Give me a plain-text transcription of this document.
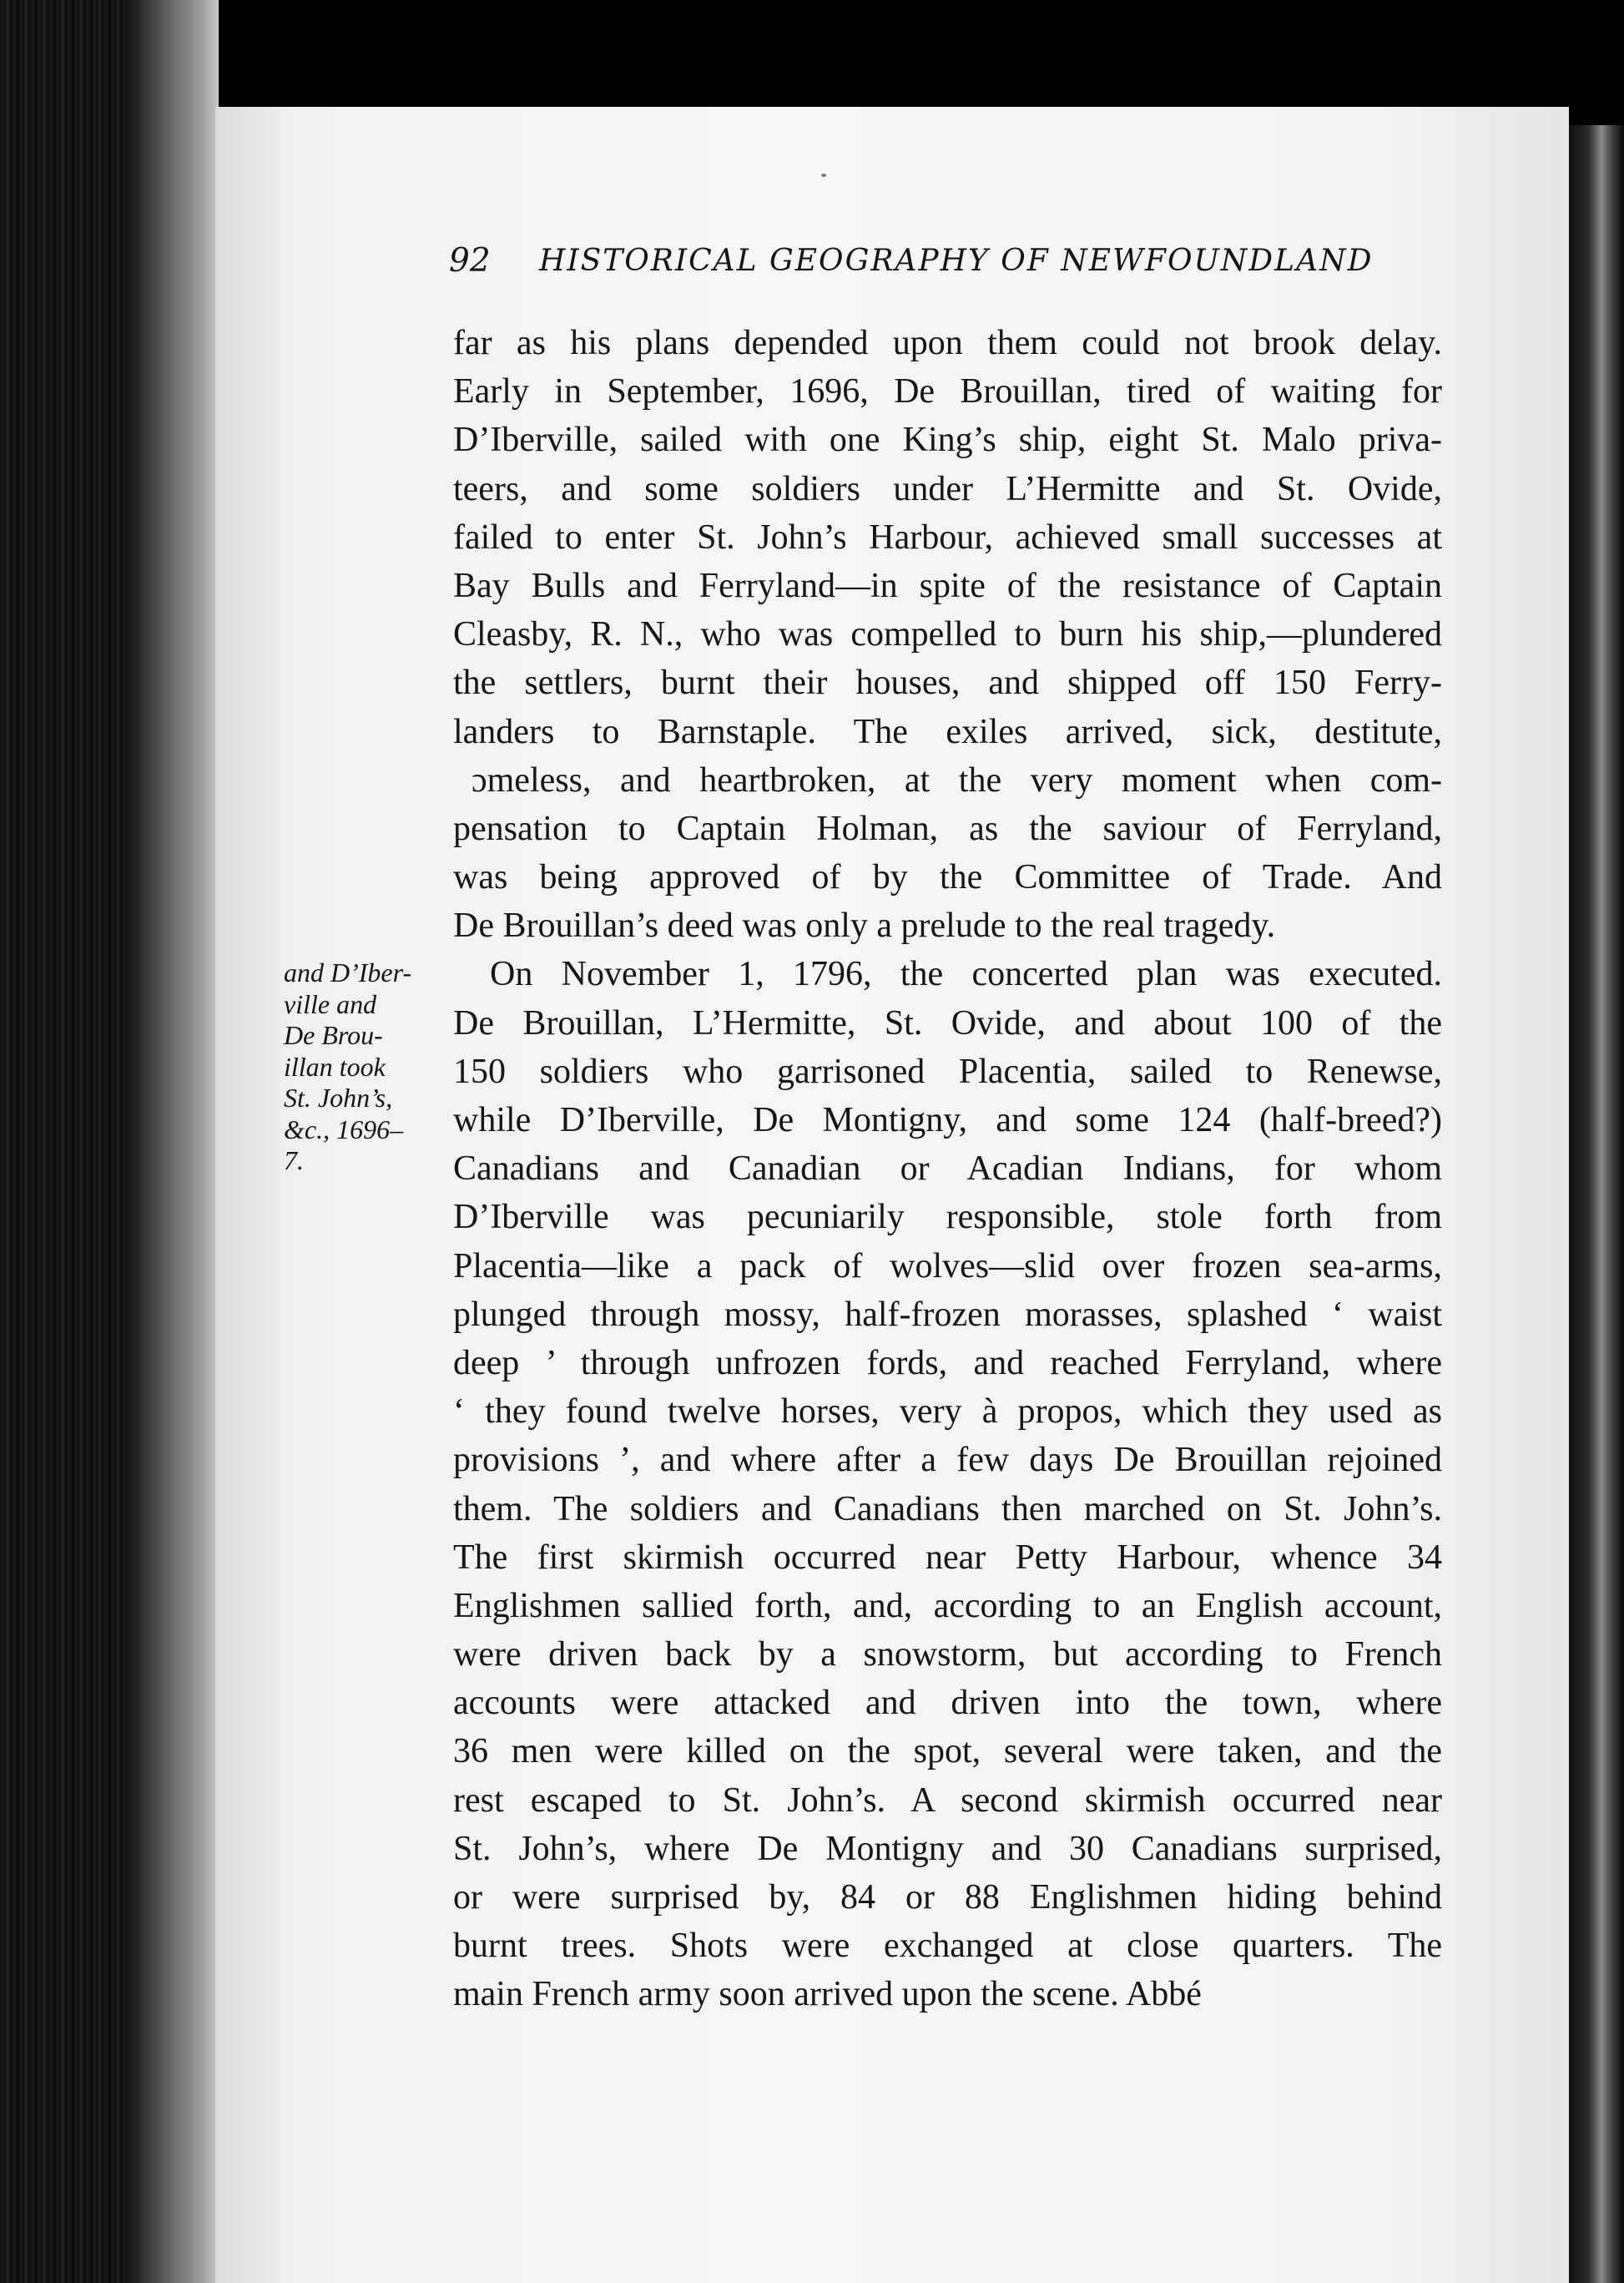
92 HISTORICAL GEOGRAPHY OF NEWFOUNDLAND
and D’Iber-
ville and
De Brou-
illan took
St. John’s,
&c., 1696–
7.
far as his plans depended upon them could not brook delay.
Early in September, 1696, De Brouillan, tired of waiting for
D’Iberville, sailed with one King’s ship, eight St. Malo priva-
teers, and some soldiers under L’Hermitte and St. Ovide,
failed to enter St. John’s Harbour, achieved small successes at
Bay Bulls and Ferryland—in spite of the resistance of Captain
Cleasby, R. N., who was compelled to burn his ship,—plundered
the settlers, burnt their houses, and shipped off 150 Ferry-
landers to Barnstaple. The exiles arrived, sick, destitute,
ɔmeless, and heartbroken, at the very moment when com-
pensation to Captain Holman, as the saviour of Ferryland,
was being approved of by the Committee of Trade. And
De Brouillan’s deed was only a prelude to the real tragedy.
On November 1, 1796, the concerted plan was executed.
De Brouillan, L’Hermitte, St. Ovide, and about 100 of the
150 soldiers who garrisoned Placentia, sailed to Renewse,
while D’Iberville, De Montigny, and some 124 (half-breed?)
Canadians and Canadian or Acadian Indians, for whom
D’Iberville was pecuniarily responsible, stole forth from
Placentia—like a pack of wolves—slid over frozen sea-arms,
plunged through mossy, half-frozen morasses, splashed ‘ waist
deep ’ through unfrozen fords, and reached Ferryland, where
‘ they found twelve horses, very à propos, which they used as
provisions ’, and where after a few days De Brouillan rejoined
them. The soldiers and Canadians then marched on St. John’s.
The first skirmish occurred near Petty Harbour, whence 34
Englishmen sallied forth, and, according to an English account,
were driven back by a snowstorm, but according to French
accounts were attacked and driven into the town, where
36 men were killed on the spot, several were taken, and the
rest escaped to St. John’s. A second skirmish occurred near
St. John’s, where De Montigny and 30 Canadians surprised,
or were surprised by, 84 or 88 Englishmen hiding behind
burnt trees. Shots were exchanged at close quarters. The
main French army soon arrived upon the scene. Abbé
